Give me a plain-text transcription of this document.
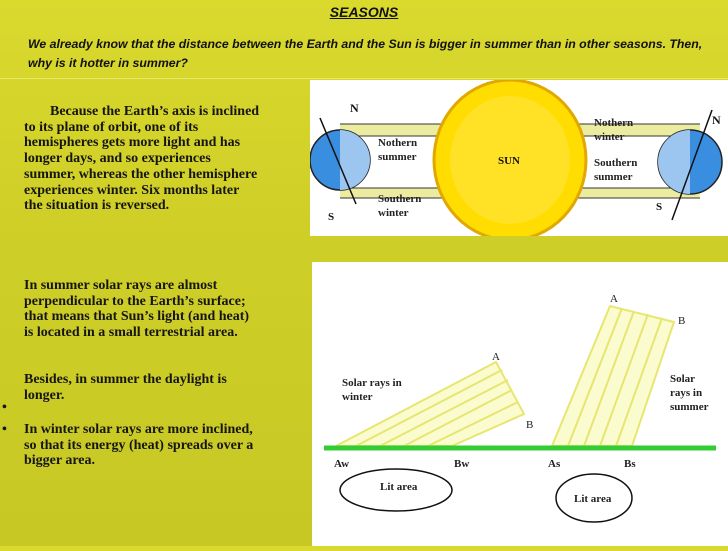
SEASONS
We already know that the distance between the Earth and the Sun is bigger in summer than in other seasons. Then, why is it hotter in summer?
Because the Earth’s axis is inclined to its plane of orbit, one of its hemispheres gets more light and has longer days, and so experiences summer, whereas the other hemisphere experiences winter. Six months later the situation is reversed.
In summer solar rays are almost perpendicular to the Earth’s surface; that means that Sun’s light (and heat) is located in a small terrestrial area.
Besides, in summer the daylight is longer.
•
• In winter solar rays are more inclined, so that its energy (heat) spreads over a bigger area.
N
S
SUN
Nothern
summer
Southern
winter
Nothern
winter
Southern
summer
N
S
Solar rays in
winter
A
B
A
B
Solar
rays in
summer
Aw	Bw	As	Bs
Lit area
Lit area
